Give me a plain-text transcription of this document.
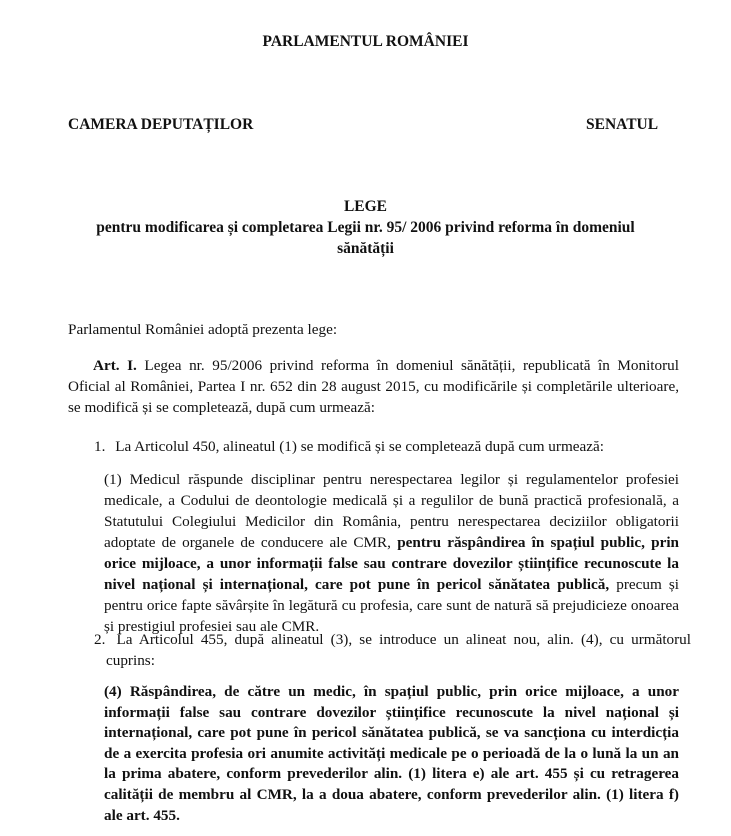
PARLAMENTUL ROMÂNIEI
CAMERA DEPUTAȚILOR	SENATUL
LEGE
pentru modificarea și completarea Legii nr. 95/ 2006 privind reforma în domeniul
sănătății

Parlamentul României adoptă prezenta lege:

Art. I. Legea nr. 95/2006 privind reforma în domeniul sănătății, republicată în Monitorul Oficial al României, Partea I nr. 652 din 28 august 2015, cu modificările și completările ulterioare, se modifică și se completează, după cum urmează:

1. La Articolul 450, alineatul (1) se modifică și se completează după cum urmează:

(1) Medicul răspunde disciplinar pentru nerespectarea legilor și regulamentelor profesiei medicale, a Codului de deontologie medicală și a regulilor de bună practică profesională, a Statutului Colegiului Medicilor din România, pentru nerespectarea deciziilor obligatorii adoptate de organele de conducere ale CMR, pentru răspândirea în spațiul public, prin orice mijloace, a unor informații false sau contrare dovezilor științifice recunoscute la nivel național și internațional, care pot pune în pericol sănătatea publică, precum și pentru orice fapte săvârșite în legătură cu profesia, care sunt de natură să prejudicieze onoarea și prestigiul profesiei sau ale CMR.

2. La Articolul 455, după alineatul (3), se introduce un alineat nou, alin. (4), cu următorul cuprins:

(4) Răspândirea, de către un medic, în spațiul public, prin orice mijloace, a unor informații false sau contrare dovezilor științifice recunoscute la nivel național și internațional, care pot pune în pericol sănătatea publică, se va sancționa cu interdicția de a exercita profesia ori anumite activități medicale pe o perioadă de la o lună la un an la prima abatere, conform prevederilor alin. (1) litera e) ale art. 455 și cu retragerea calității de membru al CMR, la a doua abatere, conform prevederilor alin. (1) litera f) ale art. 455.
